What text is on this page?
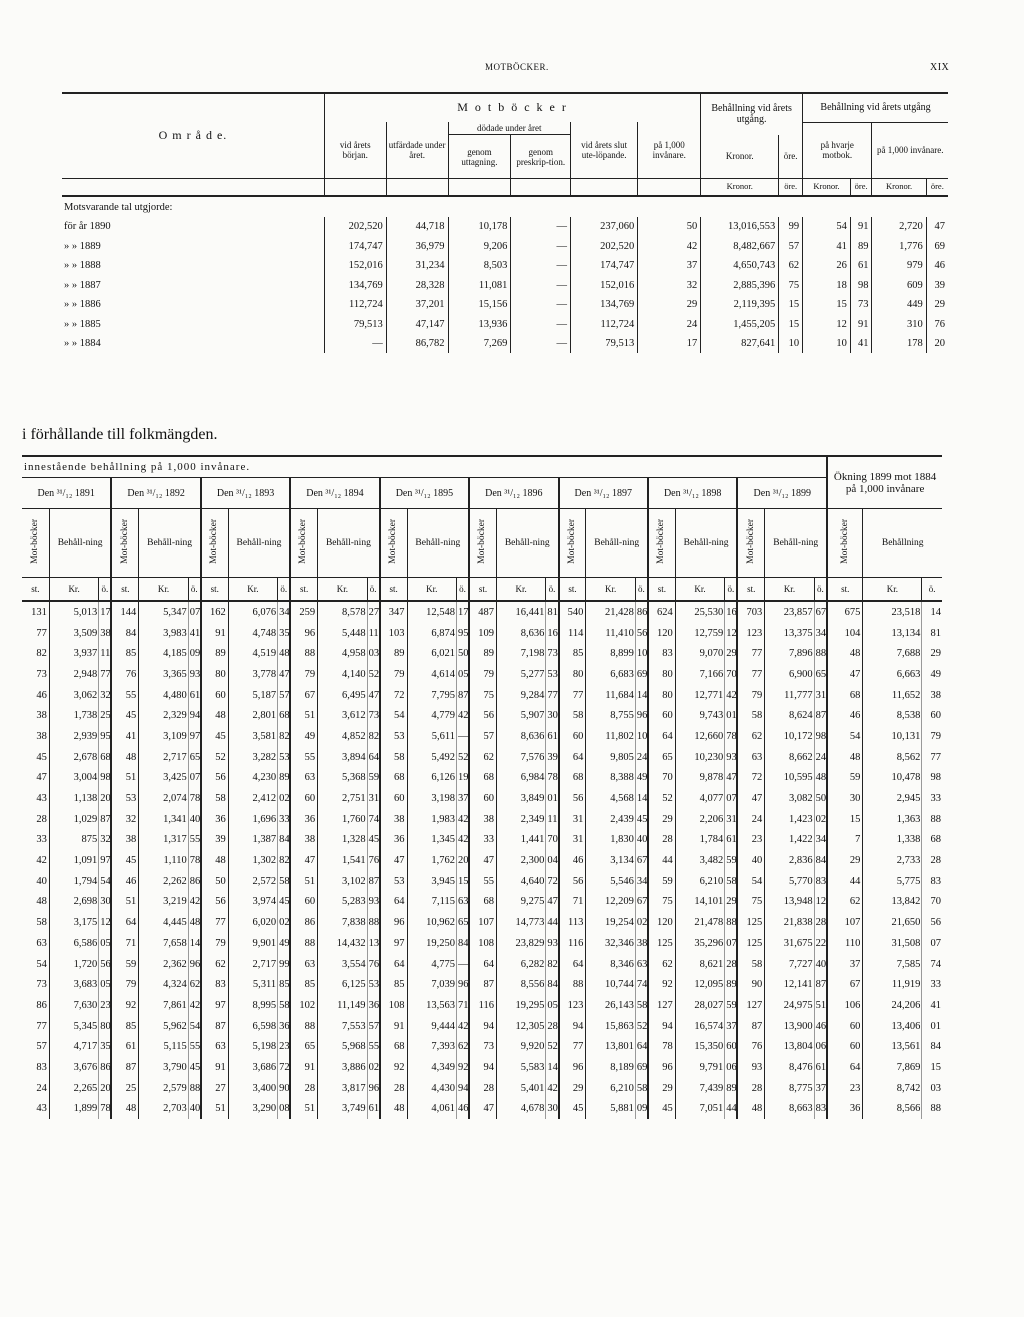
MOTBÖCKER.	XIX
O m r å d e.	M o t b ö c k e r						Behållning vid årets utgång.		Behållning vid årets utgång			
	vid årets början.	utfärdade under året.	dödade under året		vid årets slut ute-löpande.	på 1,000 invånare.			på hvarje motbok.		på 1,000 invånare.	
			genom uttagning.	genom preskrip-tion.			Kronor.	öre.				
							Kronor.	öre.	Kronor.	öre.	Kronor.	öre.
Motsvarande tal utgjorde:												
för år 1890	202,520	44,718	10,178	—	237,060	50	13,016,553	99	54	91	2,720	47
» » 1889	174,747	36,979	9,206	—	202,520	42	8,482,667	57	41	89	1,776	69
» » 1888	152,016	31,234	8,503	—	174,747	37	4,650,743	62	26	61	979	46
» » 1887	134,769	28,328	11,081	—	152,016	32	2,885,396	75	18	98	609	39
» » 1886	112,724	37,201	15,156	—	134,769	29	2,119,395	15	15	73	449	29
» » 1885	79,513	47,147	13,936	—	112,724	24	1,455,205	15	12	91	310	76
» » 1884	—	86,782	7,269	—	79,513	17	827,641	10	10	41	178	20
i förhållande till folkmängden.
innestående behållning på 1,000 invånare.																											Ökning 1899 mot 1884 på 1,000 invånare		
Den ³¹/₁₂ 1891			Den ³¹/₁₂ 1892			Den ³¹/₁₂ 1893			Den ³¹/₁₂ 1894			Den ³¹/₁₂ 1895			Den ³¹/₁₂ 1896			Den ³¹/₁₂ 1897			Den ³¹/₁₂ 1898			Den ³¹/₁₂ 1899					
Mot-böcker	Behåll-ning		Mot-böcker	Behåll-ning		Mot-böcker	Behåll-ning		Mot-böcker	Behåll-ning		Mot-böcker	Behåll-ning		Mot-böcker	Behåll-ning		Mot-böcker	Behåll-ning		Mot-böcker	Behåll-ning		Mot-böcker	Behåll-ning		Mot-böcker	Behållning	
st.	Kr.	ö.	st.	Kr.	ö.	st.	Kr.	ö.	st.	Kr.	ö.	st.	Kr.	ö.	st.	Kr.	ö.	st.	Kr.	ö.	st.	Kr.	ö.	st.	Kr.	ö.	st.	Kr.	ö.
131	5,013	17	144	5,347	07	162	6,076	34	259	8,578	27	347	12,548	17	487	16,441	81	540	21,428	86	624	25,530	16	703	23,857	67	675	23,518	14
77	3,509	38	84	3,983	41	91	4,748	35	96	5,448	11	103	6,874	95	109	8,636	16	114	11,410	56	120	12,759	12	123	13,375	34	104	13,134	81
82	3,937	11	85	4,185	09	89	4,519	48	88	4,958	03	89	6,021	50	89	7,198	73	85	8,899	10	83	9,070	29	77	7,896	88	48	7,688	29
73	2,948	77	76	3,365	93	80	3,778	47	79	4,140	52	79	4,614	05	79	5,277	53	80	6,683	69	80	7,166	70	77	6,900	65	47	6,663	49
46	3,062	32	55	4,480	61	60	5,187	57	67	6,495	47	72	7,795	87	75	9,284	77	77	11,684	14	80	12,771	42	79	11,777	31	68	11,652	38
38	1,738	25	45	2,329	94	48	2,801	68	51	3,612	73	54	4,779	42	56	5,907	30	58	8,755	96	60	9,743	01	58	8,624	87	46	8,538	60
38	2,939	95	41	3,109	97	45	3,581	82	49	4,852	82	53	5,611	—	57	8,636	61	60	11,802	10	64	12,660	78	62	10,172	98	54	10,131	79
45	2,678	68	48	2,717	65	52	3,282	53	55	3,894	64	58	5,492	52	62	7,576	39	64	9,805	24	65	10,230	93	63	8,662	24	48	8,562	77
47	3,004	98	51	3,425	07	56	4,230	89	63	5,368	59	68	6,126	19	68	6,984	78	68	8,388	49	70	9,878	47	72	10,595	48	59	10,478	98
43	1,138	20	53	2,074	78	58	2,412	02	60	2,751	31	60	3,198	37	60	3,849	01	56	4,568	14	52	4,077	07	47	3,082	50	30	2,945	33
28	1,029	87	32	1,341	40	36	1,696	33	36	1,760	74	38	1,983	42	38	2,349	11	31	2,439	45	29	2,206	31	24	1,423	02	15	1,363	88
33	875	32	38	1,317	55	39	1,387	84	38	1,328	45	36	1,345	42	33	1,441	70	31	1,830	40	28	1,784	61	23	1,422	34	7	1,338	68
42	1,091	97	45	1,110	78	48	1,302	82	47	1,541	76	47	1,762	20	47	2,300	04	46	3,134	67	44	3,482	59	40	2,836	84	29	2,733	28
40	1,794	54	46	2,262	86	50	2,572	58	51	3,102	87	53	3,945	15	55	4,640	72	56	5,546	34	59	6,210	58	54	5,770	83	44	5,775	83
48	2,698	30	51	3,219	42	56	3,974	45	60	5,283	93	64	7,115	63	68	9,275	47	71	12,209	67	75	14,101	29	75	13,948	12	62	13,842	70
58	3,175	12	64	4,445	48	77	6,020	02	86	7,838	88	96	10,962	65	107	14,773	44	113	19,254	02	120	21,478	88	125	21,838	28	107	21,650	56
63	6,586	05	71	7,658	14	79	9,901	49	88	14,432	13	97	19,250	84	108	23,829	93	116	32,346	38	125	35,296	07	125	31,675	22	110	31,508	07
54	1,720	56	59	2,362	96	62	2,717	99	63	3,554	76	64	4,775	—	64	6,282	82	64	8,346	63	62	8,621	28	58	7,727	40	37	7,585	74
73	3,683	05	79	4,324	62	83	5,311	85	85	6,125	53	85	7,039	96	87	8,556	84	88	10,744	74	92	12,095	89	90	12,141	87	67	11,919	33
86	7,630	23	92	7,861	42	97	8,995	58	102	11,149	36	108	13,563	71	116	19,295	05	123	26,143	58	127	28,027	59	127	24,975	51	106	24,206	41
77	5,345	80	85	5,962	54	87	6,598	36	88	7,553	57	91	9,444	42	94	12,305	28	94	15,863	52	94	16,574	37	87	13,900	46	60	13,406	01
57	4,717	35	61	5,115	55	63	5,198	23	65	5,968	55	68	7,393	62	73	9,920	52	77	13,801	64	78	15,350	60	76	13,804	06	60	13,561	84
83	3,676	86	87	3,790	45	91	3,686	72	91	3,886	02	92	4,349	92	94	5,583	14	96	8,189	69	96	9,791	06	93	8,476	61	64	7,869	15
24	2,265	20	25	2,579	88	27	3,400	90	28	3,817	96	28	4,430	94	28	5,401	42	29	6,210	58	29	7,439	89	28	8,775	37	23	8,742	03
43	1,899	78	48	2,703	40	51	3,290	08	51	3,749	61	48	4,061	46	47	4,678	30	45	5,881	09	45	7,051	44	48	8,663	83	36	8,566	88
